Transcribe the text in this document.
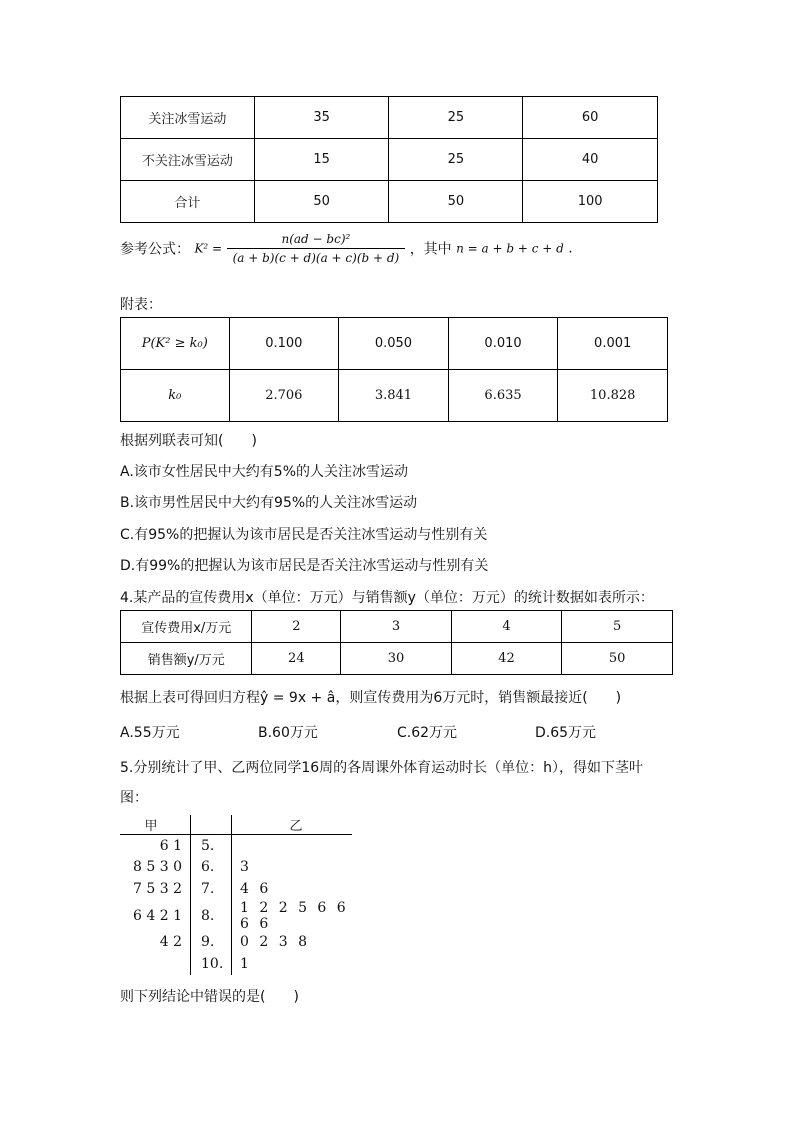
关注冰雪运动	35	25	60
不关注冰雪运动	15	25	40
合计	50	50	100
参考公式： $K^2 = \frac{\text{n(ad − bc)²}}{(a + b)(c + d)(a + c)(b + d)}$ ，其中 n = a + b + c + d .
附表：
P(K² ≥ k₀)	0.100	0.050	0.010	0.001
k₀	2.706	3.841	6.635	10.828
根据列联表可知(　　)
A.该市女性居民中大约有5%的人关注冰雪运动
B.该市男性居民中大约有95%的人关注冰雪运动
C.有95%的把握认为该市居民是否关注冰雪运动与性别有关
D.有99%的把握认为该市居民是否关注冰雪运动与性别有关
4.某产品的宣传费用x（单位：万元）与销售额y（单位：万元）的统计数据如表所示：
宣传费用x/万元	2	3	4	5
销售额y/万元	24	30	42	50
根据上表可得回归方程ŷ = 9x + â，则宣传费用为6万元时，销售额最接近(　　)
A.55万元	B.60万元	C.62万元	D.65万元
5.分别统计了甲、乙两位同学16周的各周课外体育运动时长（单位：h），得如下茎叶
图：
甲		乙
6 1	5.	
8 5 3 0	6.	3
7 5 3 2	7.	4 6
6 4 2 1	8.	1 2 2 5 6 6 6 6
4 2	9.	0 2 3 8
	10.	1
则下列结论中错误的是(　　)
